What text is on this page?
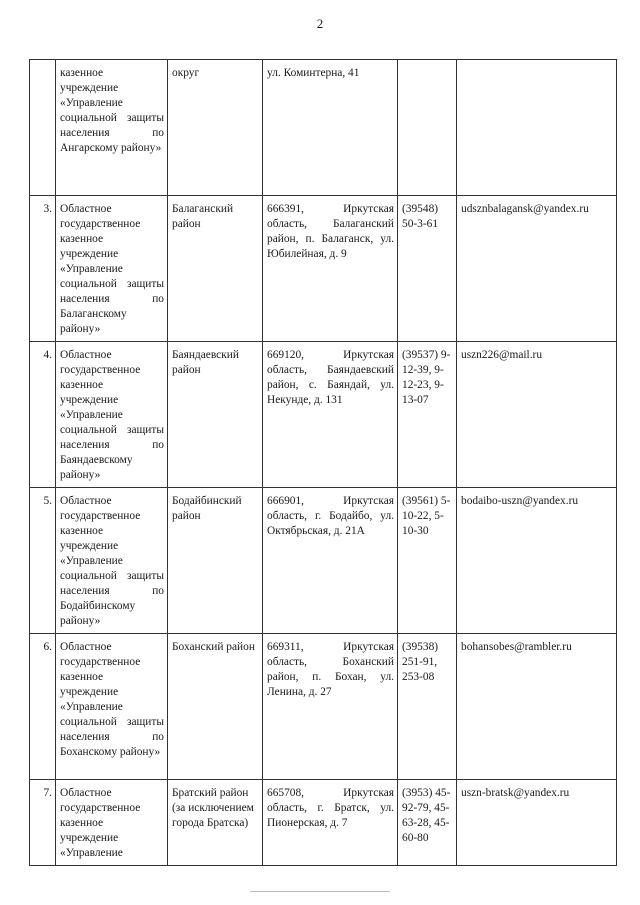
2
	казенное учреждение «Управление социальной защиты населения по Ангарскому району»	округ	ул. Коминтерна, 41		
3.	Областное государственное казенное учреждение «Управление социальной защиты населения по Балаганскому району»	Балаганский район	666391, Иркутская область, Балаганский район, п. Балаганск, ул. Юбилейная, д. 9	(39548) 50-3-61	udsznbalagansk@yandex.ru
4.	Областное государственное казенное учреждение «Управление социальной защиты населения по Баяндаевскому району»	Баяндаевский район	669120, Иркутская область, Баяндаевский район, с. Баяндай, ул. Некунде, д. 131	(39537) 9-12-39, 9-12-23, 9-13-07	uszn226@mail.ru
5.	Областное государственное казенное учреждение «Управление социальной защиты населения по Бодайбинскому району»	Бодайбинский район	666901, Иркутская область, г. Бодайбо, ул. Октябрьская, д. 21А	(39561) 5-10-22, 5-10-30	bodaibo-uszn@yandex.ru
6.	Областное государственное казенное учреждение «Управление социальной защиты населения по Боханскому району»	Боханский район	669311, Иркутская область, Боханский район, п. Бохан, ул. Ленина, д. 27	(39538) 251-91, 253-08	bohansobes@rambler.ru
7.	Областное государственное казенное учреждение «Управление	Братский район (за исключением города Братска)	665708, Иркутская область, г. Братск, ул. Пионерская, д. 7	(3953) 45-92-79, 45-63-28, 45-60-80	uszn-bratsk@yandex.ru
